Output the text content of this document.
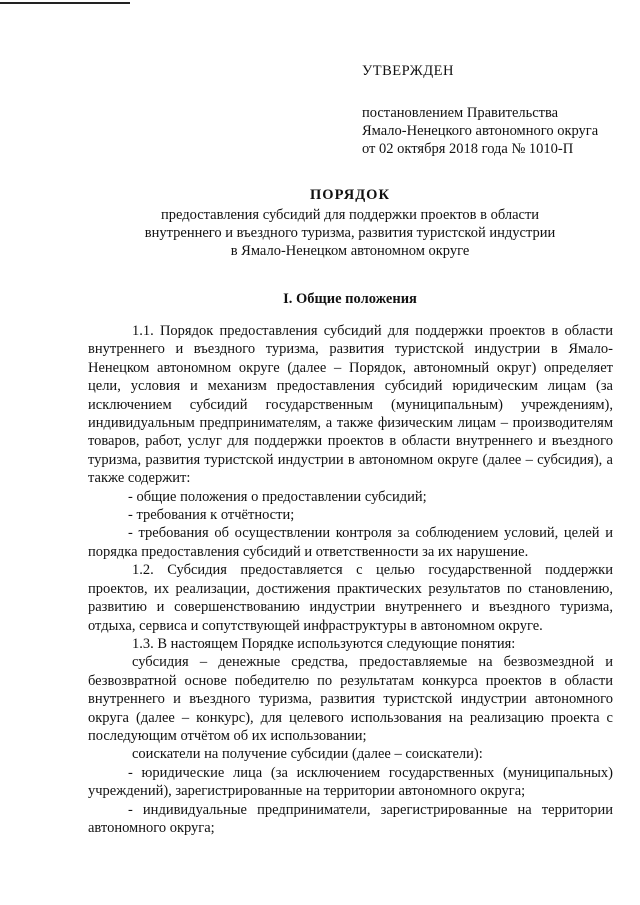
УТВЕРЖДЕН
постановлением Правительства
Ямало-Ненецкого автономного округа
от 02 октября 2018 года № 1010-П
ПОРЯДОК
предоставления субсидий для поддержки проектов в области
внутреннего и въездного туризма, развития туристской индустрии
в Ямало-Ненецком автономном округе
I. Общие положения

1.1. Порядок предоставления субсидий для поддержки проектов в области внутреннего и въездного туризма, развития туристской индустрии в Ямало-Ненецком автономном округе (далее – Порядок, автономный округ) определяет цели, условия и механизм предоставления субсидий юридическим лицам (за исключением субсидий государственным (муниципальным) учреждениям), индивидуальным предпринимателям, а также физическим лицам – производителям товаров, работ, услуг для поддержки проектов в области внутреннего и въездного туризма, развития туристской индустрии в автономном округе (далее – субсидия), а также содержит:

- общие положения о предоставлении субсидий;

- требования к отчётности;

- требования об осуществлении контроля за соблюдением условий, целей и порядка предоставления субсидий и ответственности за их нарушение.

1.2. Субсидия предоставляется с целью государственной поддержки проектов, их реализации, достижения практических результатов по становлению, развитию и совершенствованию индустрии внутреннего и въездного туризма, отдыха, сервиса и сопутствующей инфраструктуры в автономном округе.

1.3. В настоящем Порядке используются следующие понятия:

субсидия – денежные средства, предоставляемые на безвозмездной и безвозвратной основе победителю по результатам конкурса проектов в области внутреннего и въездного туризма, развития туристской индустрии автономного округа (далее – конкурс), для целевого использования на реализацию проекта с последующим отчётом об их использовании;

соискатели на получение субсидии (далее – соискатели):

- юридические лица (за исключением государственных (муниципальных) учреждений), зарегистрированные на территории автономного округа;

- индивидуальные предприниматели, зарегистрированные на территории автономного округа;
